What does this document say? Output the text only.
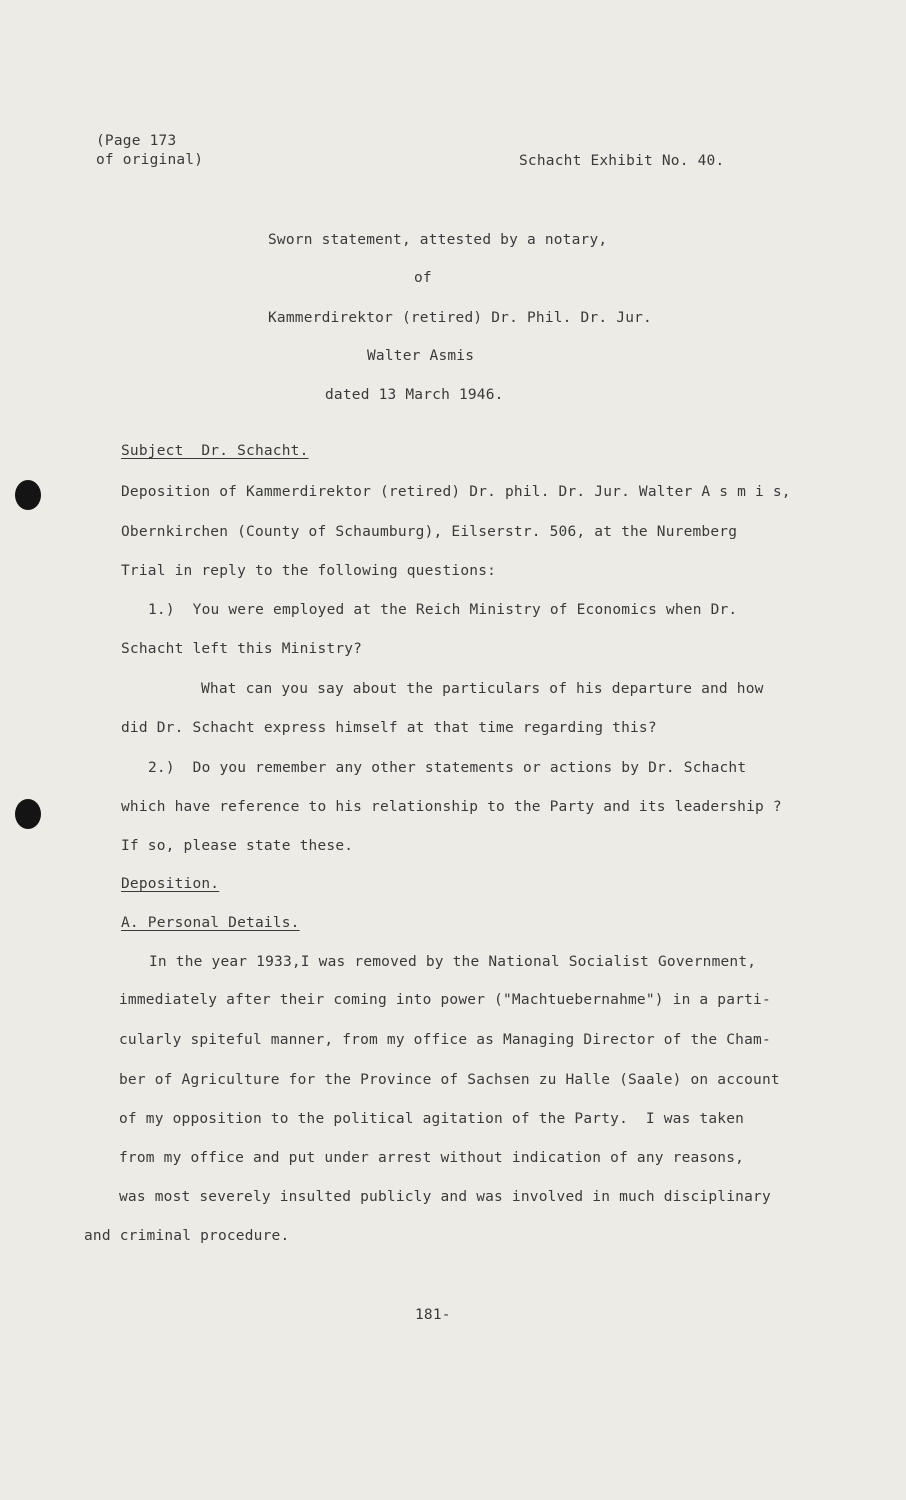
(Page 173
of original)	Schacht Exhibit No. 40.
Sworn statement, attested by a notary,
of
Kammerdirektor (retired) Dr. Phil. Dr. Jur.
Walter Asmis
dated 13 March 1946.
Subject  Dr. Schacht.
Deposition of Kammerdirektor (retired) Dr. phil. Dr. Jur. Walter A s m i s,
Obernkirchen (County of Schaumburg), Eilserstr. 506, at the Nuremberg
Trial in reply to the following questions:
1.)  You were employed at the Reich Ministry of Economics when Dr.
Schacht left this Ministry?
What can you say about the particulars of his departure and how
did Dr. Schacht express himself at that time regarding this?
2.)  Do you remember any other statements or actions by Dr. Schacht
which have reference to his relationship to the Party and its leadership ?
If so, please state these.
Deposition.
A. Personal Details.
In the year 1933,I was removed by the National Socialist Government,
immediately after their coming into power ("Machtuebernahme") in a parti-
cularly spiteful manner, from my office as Managing Director of the Cham-
ber of Agriculture for the Province of Sachsen zu Halle (Saale) on account
of my opposition to the political agitation of the Party.  I was taken
from my office and put under arrest without indication of any reasons,
was most severely insulted publicly and was involved in much disciplinary
and criminal procedure.
181-
